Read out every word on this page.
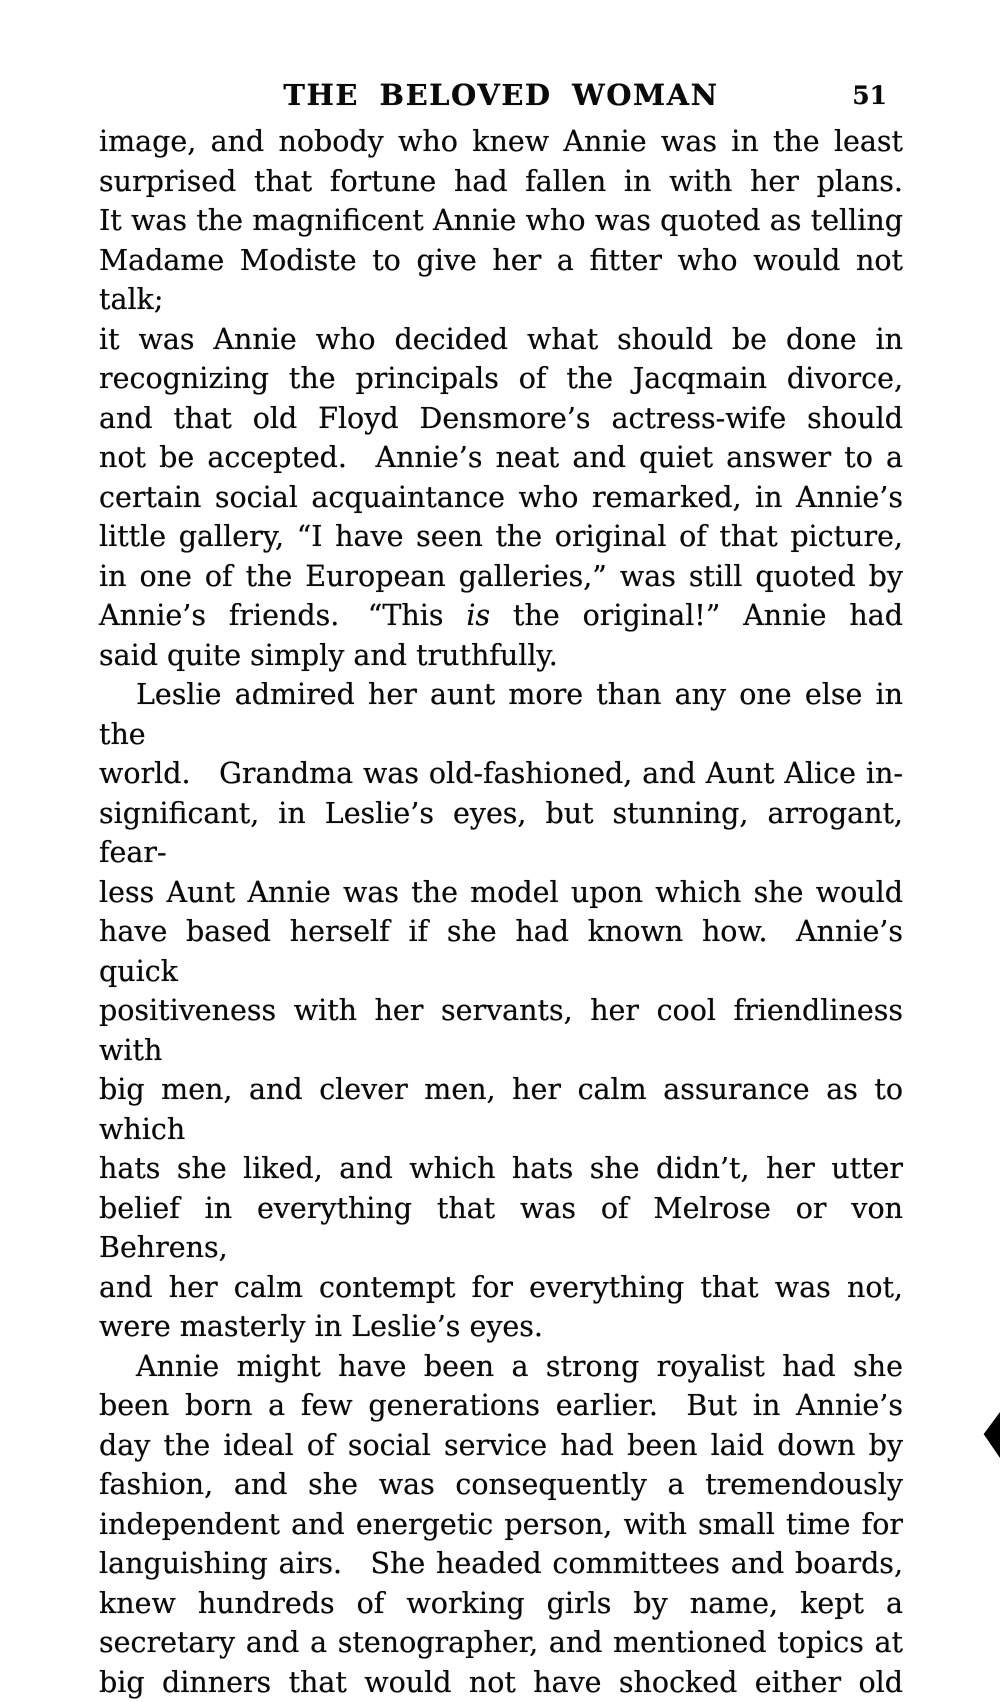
THE BELOVED WOMAN	51
image, and nobody who knew Annie was in the least
surprised that fortune had fallen in with her plans.
It was the magnificent Annie who was quoted as telling
Madame Modiste to give her a fitter who would not talk;
it was Annie who decided what should be done in
recognizing the principals of the Jacqmain divorce,
and that old Floyd Densmore’s actress-wife should
not be accepted. Annie’s neat and quiet answer to a
certain social acquaintance who remarked, in Annie’s
little gallery, “I have seen the original of that picture,
in one of the European galleries,” was still quoted by
Annie’s friends. “This is the original!” Annie had
said quite simply and truthfully.
Leslie admired her aunt more than any one else in the
world. Grandma was old-fashioned, and Aunt Alice in-
significant, in Leslie’s eyes, but stunning, arrogant, fear-
less Aunt Annie was the model upon which she would
have based herself if she had known how. Annie’s quick
positiveness with her servants, her cool friendliness with
big men, and clever men, her calm assurance as to which
hats she liked, and which hats she didn’t, her utter
belief in everything that was of Melrose or von Behrens,
and her calm contempt for everything that was not,
were masterly in Leslie’s eyes.
Annie might have been a strong royalist had she
been born a few generations earlier. But in Annie’s
day the ideal of social service had been laid down by
fashion, and she was consequently a tremendously
independent and energetic person, with small time for
languishing airs. She headed committees and boards,
knew hundreds of working girls by name, kept a
secretary and a stenographer, and mentioned topics at
big dinners that would not have shocked either old
